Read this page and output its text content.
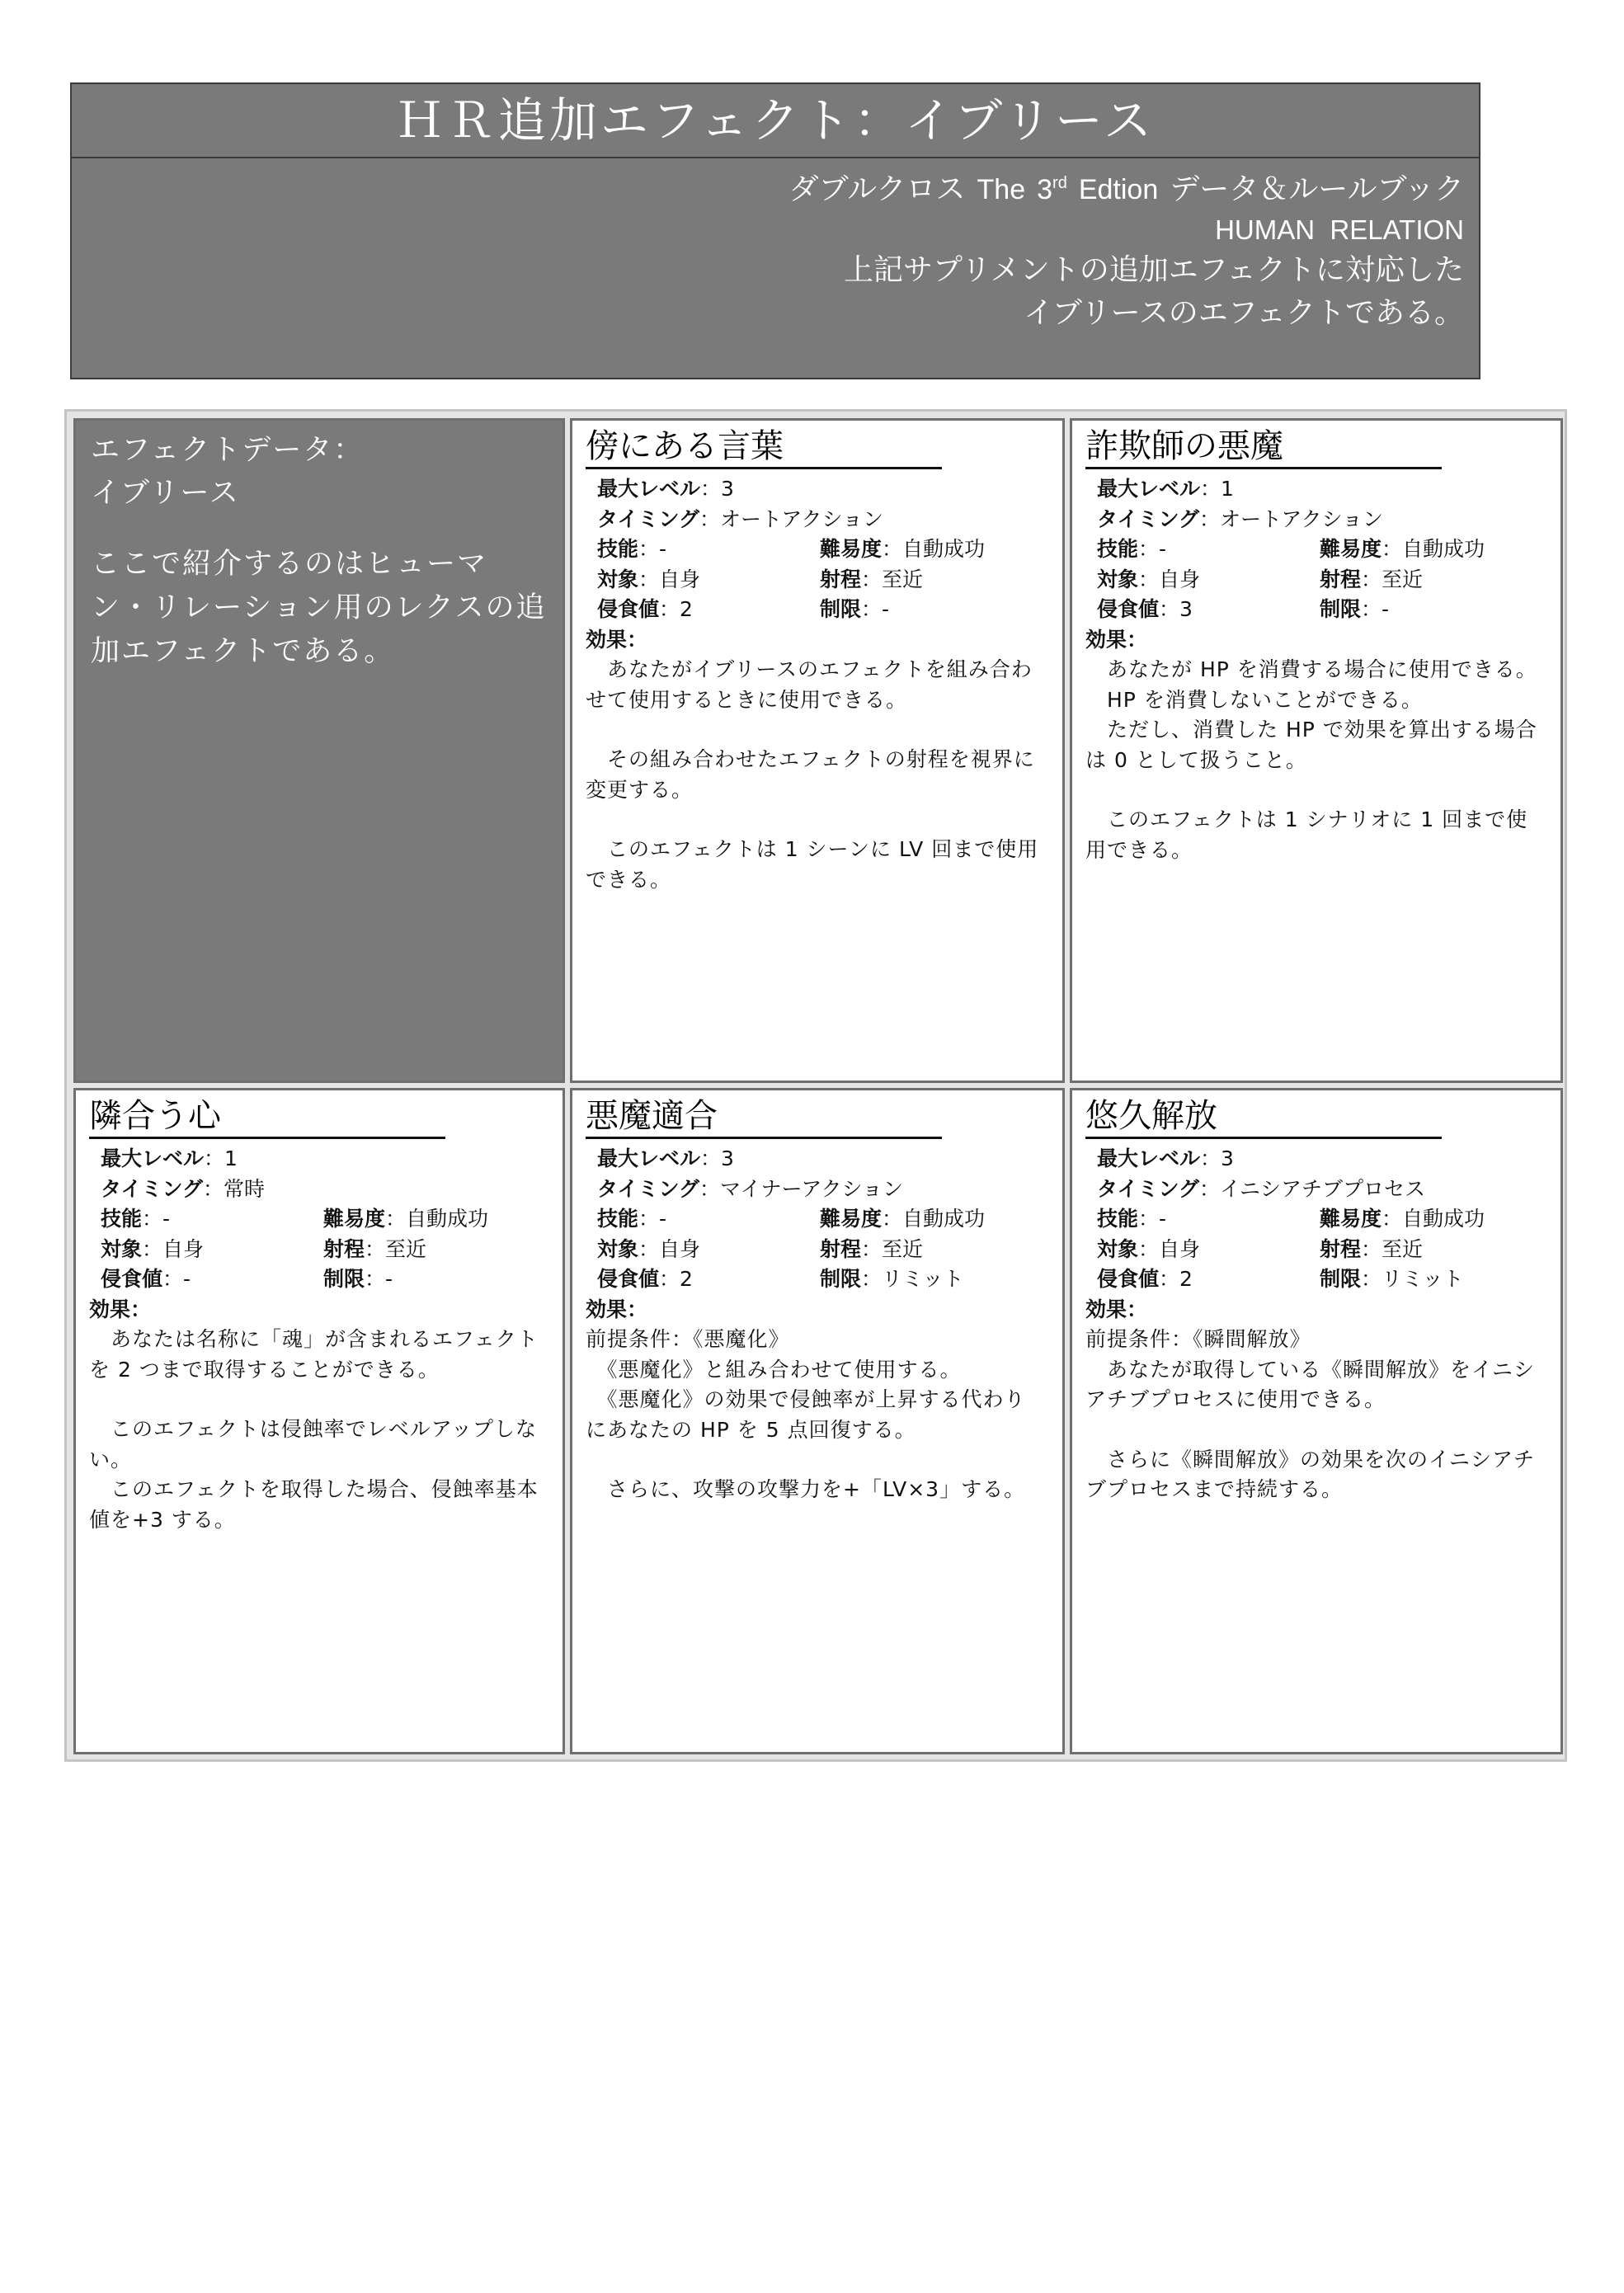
ＨＲ追加エフェクト：イブリース
ダブルクロス The 3rd Edtion データ＆ルールブック
HUMAN  RELATION
上記サプリメントの追加エフェクトに対応した
イブリースのエフェクトである。
エフェクトデータ：
イブリース
ここで紹介するのはヒューマン・リレーション用のレクスの追加エフェクトである。
傍にある言葉
最大レベル：3
タイミング：オートアクション
技能：-	難易度：自動成功
対象：自身	射程：至近
侵食値：2	制限：-
効果：

　あなたがイブリースのエフェクトを組み合わせて使用するときに使用できる。

　その組み合わせたエフェクトの射程を視界に変更する。

　このエフェクトは 1 シーンに LV 回まで使用できる。

詐欺師の悪魔
最大レベル：1
タイミング：オートアクション
技能：-	難易度：自動成功
対象：自身	射程：至近
侵食値：3	制限：-
効果：

　あなたが HP を消費する場合に使用できる。

　HP を消費しないことができる。

　ただし、消費した HP で効果を算出する場合は 0 として扱うこと。

　このエフェクトは 1 シナリオに 1 回まで使用できる。

隣合う心
最大レベル：1
タイミング：常時
技能：-	難易度：自動成功
対象：自身	射程：至近
侵食値：-	制限：-
効果：

　あなたは名称に「魂」が含まれるエフェクトを 2 つまで取得することができる。

　このエフェクトは侵蝕率でレベルアップしない。

　このエフェクトを取得した場合、侵蝕率基本値を+3 する。

悪魔適合
最大レベル：3
タイミング：マイナーアクション
技能：-	難易度：自動成功
対象：自身	射程：至近
侵食値：2	制限：リミット
効果：

前提条件：《悪魔化》

　《悪魔化》と組み合わせて使用する。

　《悪魔化》の効果で侵蝕率が上昇する代わりにあなたの HP を 5 点回復する。

　さらに、攻撃の攻撃力を+「LV×3」する。

悠久解放
最大レベル：3
タイミング：イニシアチブプロセス
技能：-	難易度：自動成功
対象：自身	射程：至近
侵食値：2	制限：リミット
効果：

前提条件：《瞬間解放》

　あなたが取得している《瞬間解放》をイニシアチブプロセスに使用できる。

　さらに《瞬間解放》の効果を次のイニシアチブプロセスまで持続する。
